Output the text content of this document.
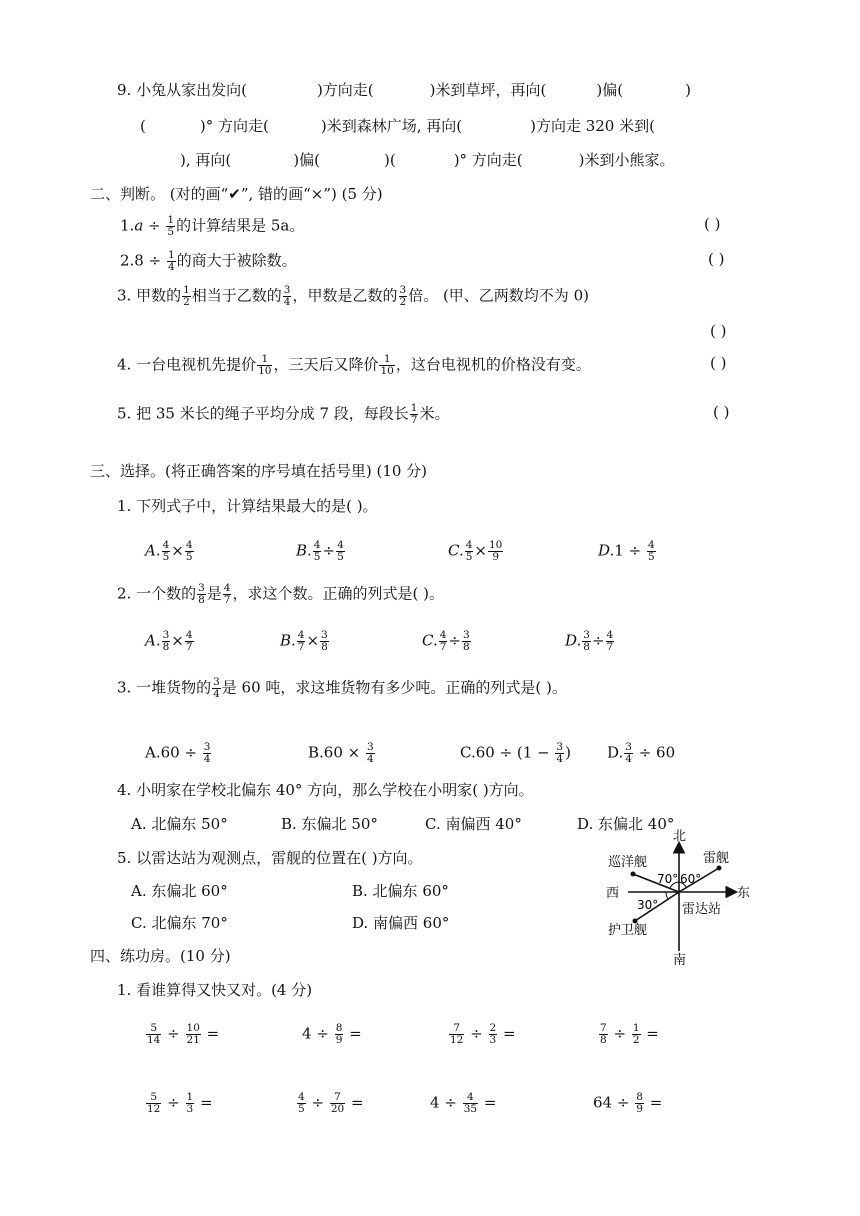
9. 小兔从家出发向(	)方向走(	)米到草坪，再向(	)偏(	)
(	)° 方向走(	)米到森林广场, 再向(	)方向走 320 米到(
), 再向(	)偏(	)(	)° 方向走(	)米到小熊家。
二、判断。 (对的画“✔”, 错的画“×”) (5 分)
$1.a \div \frac{1}{5}$ 的计算结果是 5a。	( )
$2.8 \div \frac{1}{4}$ 的商大于被除数。	( )
3. 甲数的 $\frac{1}{2}$ 相当于乙数的 $\frac{3}{4}$ ，甲数是乙数的 $\frac{3}{2}$ 倍。 (甲、乙两数均不为 0)
( )
4. 一台电视机先提价 $\frac{1}{10}$ ，三天后又降价 $\frac{1}{10}$ ，这台电视机的价格没有变。	( )
5. 把 35 米长的绳子平均分成 7 段，每段长 $\frac{1}{7}$ 米。	( )
三、选择。(将正确答案的序号填在括号里) (10 分)
1. 下列式子中，计算结果最大的是( )。
A. $\frac{4}{5} \times \frac{4}{5}$	B. $\frac{4}{5} \div \frac{4}{5}$	C. $\frac{4}{5} \times \frac{10}{9}$	$D.1 \div \frac{4}{5}$
2. 一个数的 $\frac{3}{8}$ 是 $\frac{4}{7}$ ，求这个数。正确的列式是( )。
A. $\frac{3}{8} \times \frac{4}{7}$	B. $\frac{4}{7} \times \frac{3}{8}$	C. $\frac{4}{7} \div \frac{3}{8}$	D. $\frac{3}{8} \div \frac{4}{7}$
3. 一堆货物的 $\frac{3}{4}$ 是 60 吨，求这堆货物有多少吨。正确的列式是( )。
$A.60 \div \frac{3}{4}$	$B.60 \times \frac{3}{4}$	$C.60 \div (1 - \frac{3}{4}$ ) D. $\frac{3}{4} \div 60$
4. 小明家在学校北偏东 40° 方向，那么学校在小明家( )方向。
A. 北偏东 50°	B. 东偏北 50°	C. 南偏西 40°	D. 东偏北 40°
5. 以雷达站为观测点，雷舰的位置在( )方向。
A. 东偏北 60°	B. 北偏东 60°
C. 北偏东 70°	D. 南偏西 60°
北
南
东
西
巡洋舰	雷舰
护卫舰
雷达站
70° 60°
30°
四、练功房。(10 分)
1. 看谁算得又快又对。(4 分)
$\frac{5}{14} \div \frac{10}{21}$ =	$4 \div \frac{8}{9}$ =	$\frac{7}{12} \div \frac{2}{3}$ =	$\frac{7}{8} \div \frac{1}{2}$ =
$\frac{5}{12} \div \frac{1}{3}$ =	$\frac{4}{5} \div \frac{7}{20}$ =	$4 \div \frac{4}{35}$ =	$64 \div \frac{8}{9}$ =
